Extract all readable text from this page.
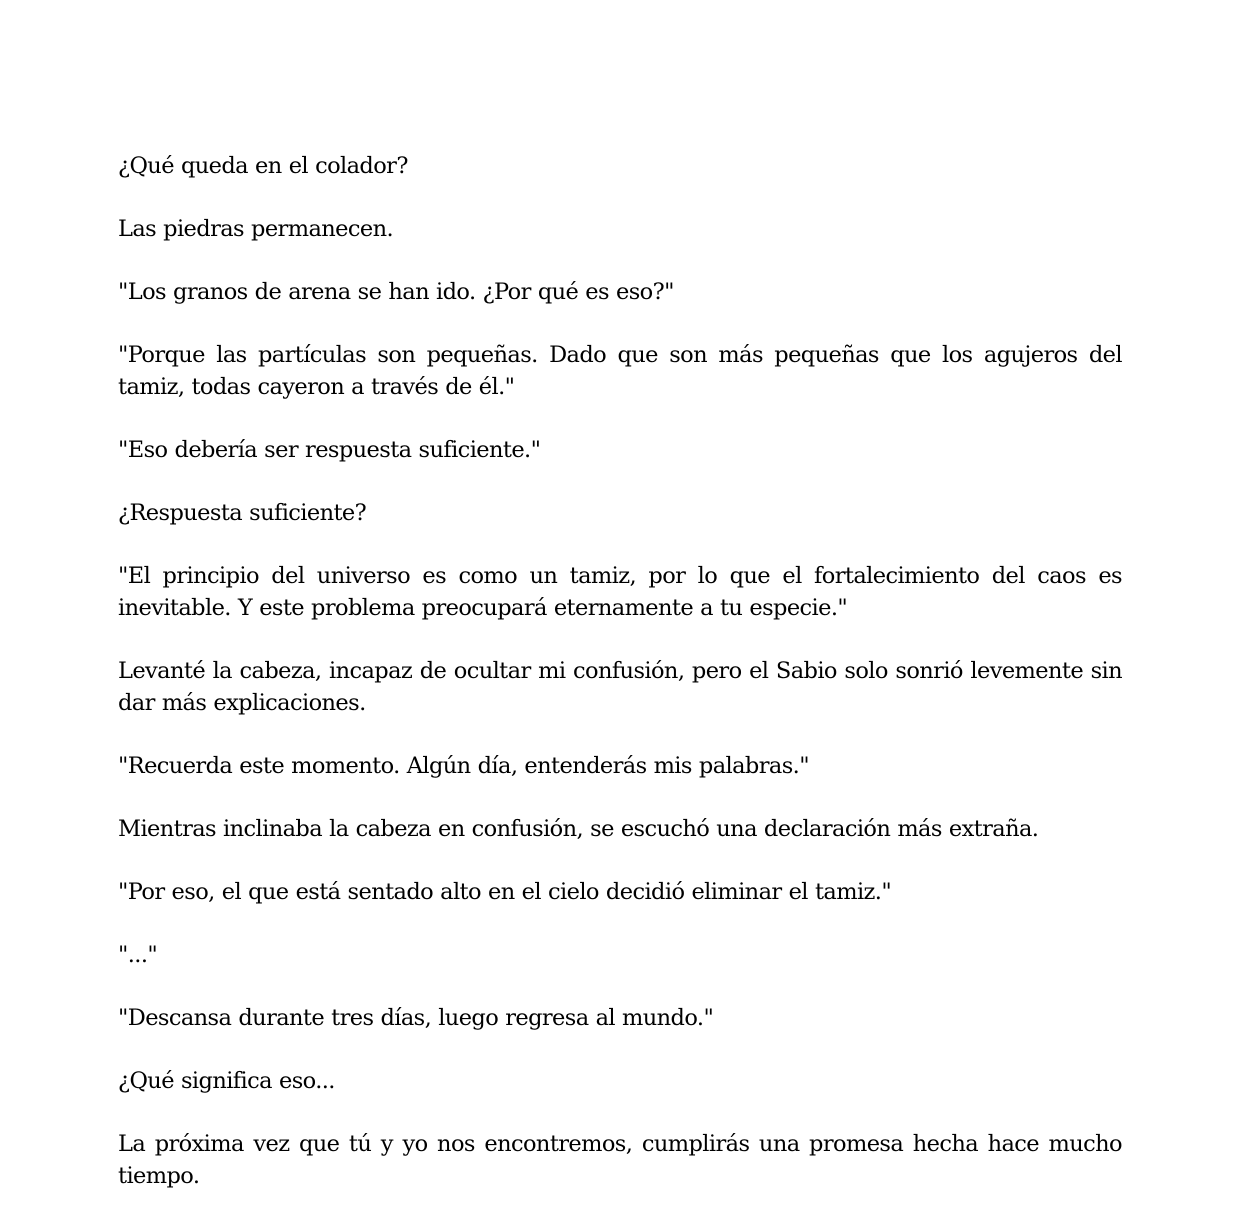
¿Qué queda en el colador?

Las piedras permanecen.

"Los granos de arena se han ido. ¿Por qué es eso?"

"Porque las partículas son pequeñas. Dado que son más pequeñas que los agujeros del tamiz, todas cayeron a través de él."

"Eso debería ser respuesta suficiente."

¿Respuesta suficiente?

"El principio del universo es como un tamiz, por lo que el fortalecimiento del caos es inevitable. Y este problema preocupará eternamente a tu especie."

Levanté la cabeza, incapaz de ocultar mi confusión, pero el Sabio solo sonrió levemente sin dar más explicaciones.

"Recuerda este momento. Algún día, entenderás mis palabras."

Mientras inclinaba la cabeza en confusión, se escuchó una declaración más extraña.

"Por eso, el que está sentado alto en el cielo decidió eliminar el tamiz."

"..."

"Descansa durante tres días, luego regresa al mundo."

¿Qué significa eso...

La próxima vez que tú y yo nos encontremos, cumplirás una promesa hecha hace mucho tiempo.
